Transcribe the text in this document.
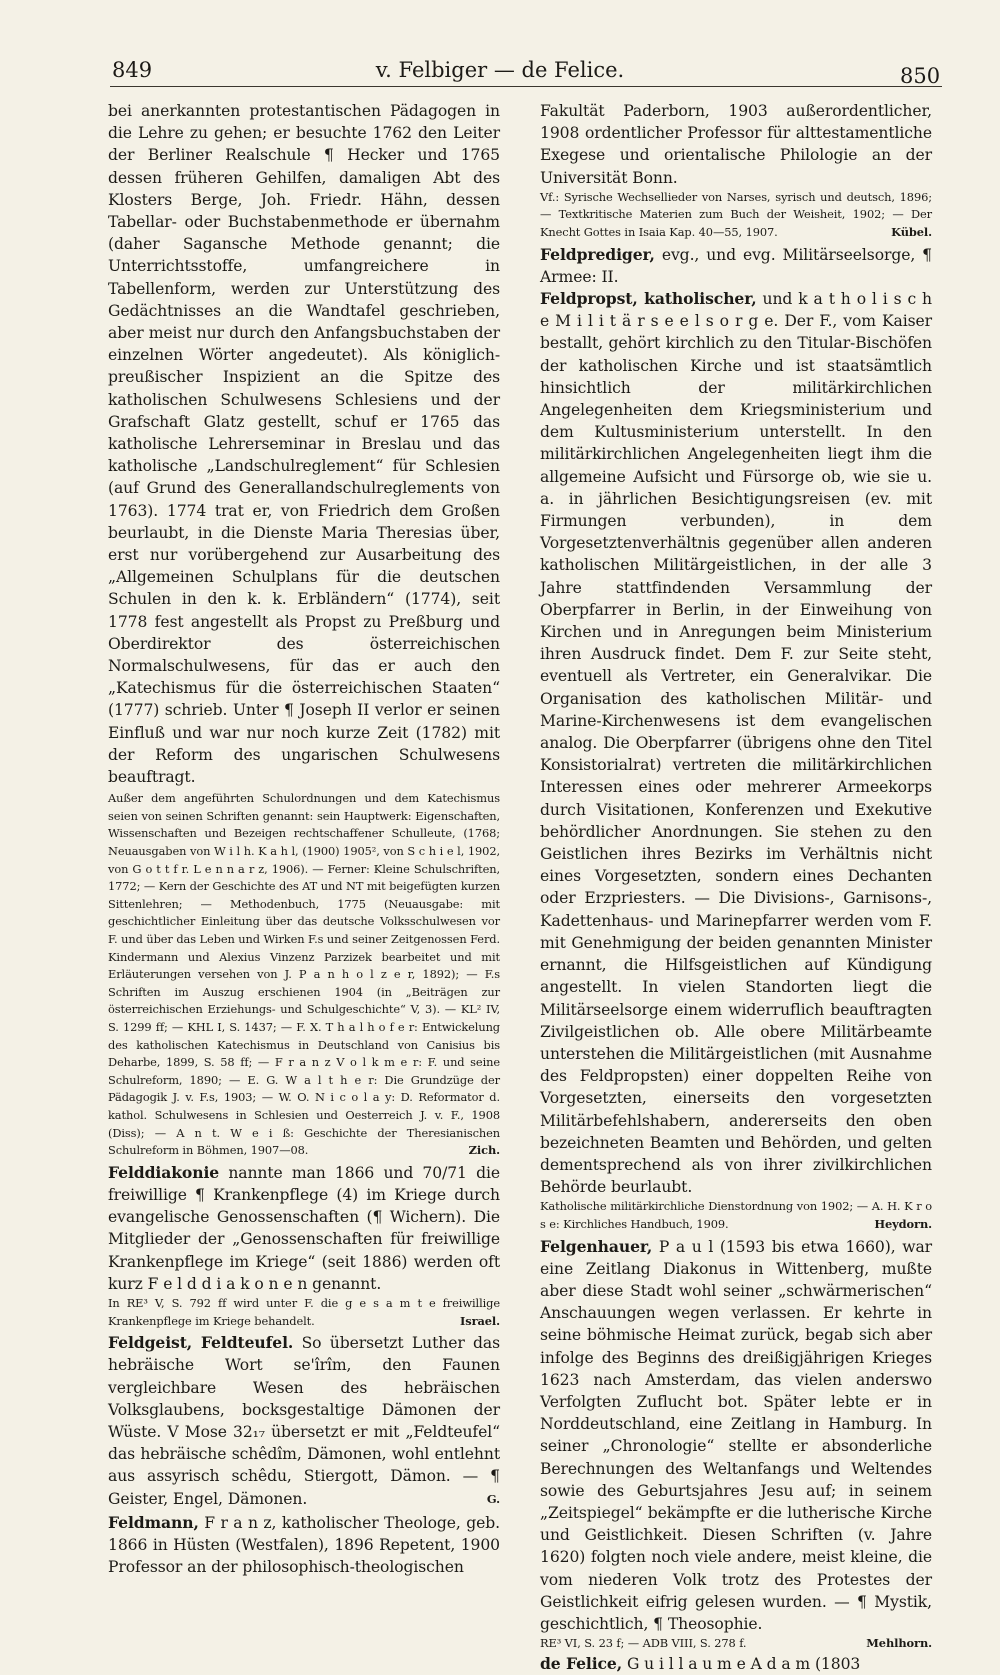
849	v. Felbiger — de Felice.	850

bei anerkannten protestantischen Pädagogen in die Lehre zu gehen; er besuchte 1762 den Leiter der Berliner Realschule ¶ Hecker und 1765 dessen früheren Gehilfen, damaligen Abt des Klosters Berge, Joh. Friedr. Hähn, dessen Tabellar- oder Buchstabenmethode er übernahm (daher Sagansche Methode genannt; die Unterrichtsstoffe, umfangreichere in Tabellenform, werden zur Unterstützung des Gedächtnisses an die Wandtafel geschrieben, aber meist nur durch den Anfangsbuchstaben der einzelnen Wörter angedeutet). Als königlich-preußischer Inspizient an die Spitze des katholischen Schulwesens Schlesiens und der Grafschaft Glatz gestellt, schuf er 1765 das katholische Lehrerseminar in Breslau und das katholische „Landschulreglement“ für Schlesien (auf Grund des Generallandschulreglements von 1763). 1774 trat er, von Friedrich dem Großen beurlaubt, in die Dienste Maria Theresias über, erst nur vorübergehend zur Ausarbeitung des „Allgemeinen Schulplans für die deutschen Schulen in den k. k. Erbländern“ (1774), seit 1778 fest angestellt als Propst zu Preßburg und Oberdirektor des österreichischen Normalschulwesens, für das er auch den „Katechismus für die österreichischen Staaten“ (1777) schrieb. Unter ¶ Joseph II verlor er seinen Einfluß und war nur noch kurze Zeit (1782) mit der Reform des ungarischen Schulwesens beauftragt.

Außer dem angeführten Schulordnungen und dem Katechismus seien von seinen Schriften genannt: sein Hauptwerk: Eigenschaften, Wissenschaften und Bezeigen rechtschaffener Schulleute, (1768; Neuausgaben von W i l h. K a h l, (1900) 1905², von S c h i e l, 1902, von G o t t f r. L e n n a r z, 1906). — Ferner: Kleine Schulschriften, 1772; — Kern der Geschichte des AT und NT mit beigefügten kurzen Sittenlehren; — Methodenbuch, 1775 (Neuausgabe: mit geschichtlicher Einleitung über das deutsche Volksschulwesen vor F. und über das Leben und Wirken F.s und seiner Zeitgenossen Ferd. Kindermann und Alexius Vinzenz Parzizek bearbeitet und mit Erläuterungen versehen von J. P a n h o l z e r, 1892); — F.s Schriften im Auszug erschienen 1904 (in „Beiträgen zur österreichischen Erziehungs- und Schulgeschichte“ V, 3). — KL² IV, S. 1299 ff; — KHL I, S. 1437; — F. X. T h a l h o f e r: Entwickelung des katholischen Katechismus in Deutschland von Canisius bis Deharbe, 1899, S. 58 ff; — F r a n z V o l k m e r: F. und seine Schulreform, 1890; — E. G. W a l t h e r: Die Grundzüge der Pädagogik J. v. F.s, 1903; — W. O. N i c o l a y: D. Reformator d. kathol. Schulwesens in Schlesien und Oesterreich J. v. F., 1908 (Diss); — A n t. W e i ß: Geschichte der Theresianischen Schulreform in Böhmen, 1907—08.	Zich.

Felddiakonie nannte man 1866 und 70/71 die freiwillige ¶ Krankenpflege (4) im Kriege durch evangelische Genossenschaften (¶ Wichern). Die Mitglieder der „Genossenschaften für freiwillige Krankenpflege im Kriege“ (seit 1886) werden oft kurz F e l d d i a k o n e n genannt.

In RE³ V, S. 792 ff wird unter F. die g e s a m t e freiwillige Krankenpflege im Kriege behandelt.	Israel.

Feldgeist, Feldteufel. So übersetzt Luther das hebräische Wort se'îrîm, den Faunen vergleichbare Wesen des hebräischen Volksglaubens, bocksgestaltige Dämonen der Wüste. V Mose 32₁₇ übersetzt er mit „Feldteufel“ das hebräische schêdîm, Dämonen, wohl entlehnt aus assyrisch schêdu, Stiergott, Dämon. — ¶ Geister, Engel, Dämonen.	G.

Feldmann, F r a n z, katholischer Theologe, geb. 1866 in Hüsten (Westfalen), 1896 Repetent, 1900 Professor an der philosophisch-theologischen

Fakultät Paderborn, 1903 außerordentlicher, 1908 ordentlicher Professor für alttestamentliche Exegese und orientalische Philologie an der Universität Bonn.

Vf.: Syrische Wechsellieder von Narses, syrisch und deutsch, 1896; — Textkritische Materien zum Buch der Weisheit, 1902; — Der Knecht Gottes in Isaia Kap. 40—55, 1907.	Kübel.

Feldprediger, evg., und evg. Militärseelsorge, ¶ Armee: II.

Feldpropst, katholischer, und k a t h o l i s c h e M i l i t ä r s e e l s o r g e. Der F., vom Kaiser bestallt, gehört kirchlich zu den Titular-Bischöfen der katholischen Kirche und ist staatsämtlich hinsichtlich der militärkirchlichen Angelegenheiten dem Kriegsministerium und dem Kultusministerium unterstellt. In den militärkirchlichen Angelegenheiten liegt ihm die allgemeine Aufsicht und Fürsorge ob, wie sie u. a. in jährlichen Besichtigungsreisen (ev. mit Firmungen verbunden), in dem Vorgesetztenverhältnis gegenüber allen anderen katholischen Militärgeistlichen, in der alle 3 Jahre stattfindenden Versammlung der Oberpfarrer in Berlin, in der Einweihung von Kirchen und in Anregungen beim Ministerium ihren Ausdruck findet. Dem F. zur Seite steht, eventuell als Vertreter, ein Generalvikar. Die Organisation des katholischen Militär- und Marine-Kirchenwesens ist dem evangelischen analog. Die Oberpfarrer (übrigens ohne den Titel Konsistorialrat) vertreten die militärkirchlichen Interessen eines oder mehrerer Armeekorps durch Visitationen, Konferenzen und Exekutive behördlicher Anordnungen. Sie stehen zu den Geistlichen ihres Bezirks im Verhältnis nicht eines Vorgesetzten, sondern eines Dechanten oder Erzpriesters. — Die Divisions-, Garnisons-, Kadettenhaus- und Marinepfarrer werden vom F. mit Genehmigung der beiden genannten Minister ernannt, die Hilfsgeistlichen auf Kündigung angestellt. In vielen Standorten liegt die Militärseelsorge einem widerruflich beauftragten Zivilgeistlichen ob. Alle obere Militärbeamte unterstehen die Militärgeistlichen (mit Ausnahme des Feldpropsten) einer doppelten Reihe von Vorgesetzten, einerseits den vorgesetzten Militärbefehlshabern, andererseits den oben bezeichneten Beamten und Behörden, und gelten dementsprechend als von ihrer zivilkirchlichen Behörde beurlaubt.

Katholische militärkirchliche Dienstordnung von 1902; — A. H. K r o s e: Kirchliches Handbuch, 1909.	Heydorn.

Felgenhauer, P a u l (1593 bis etwa 1660), war eine Zeitlang Diakonus in Wittenberg, mußte aber diese Stadt wohl seiner „schwärmerischen“ Anschauungen wegen verlassen. Er kehrte in seine böhmische Heimat zurück, begab sich aber infolge des Beginns des dreißigjährigen Krieges 1623 nach Amsterdam, das vielen anderswo Verfolgten Zuflucht bot. Später lebte er in Norddeutschland, eine Zeitlang in Hamburg. In seiner „Chronologie“ stellte er absonderliche Berechnungen des Weltanfangs und Weltendes sowie des Geburtsjahres Jesu auf; in seinem „Zeitspiegel“ bekämpfte er die lutherische Kirche und Geistlichkeit. Diesen Schriften (v. Jahre 1620) folgten noch viele andere, meist kleine, die vom niederen Volk trotz des Protestes der Geistlichkeit eifrig gelesen wurden. — ¶ Mystik, geschichtlich, ¶ Theosophie.

RE³ VI, S. 23 f; — ADB VIII, S. 278 f.	Mehlhorn.

de Felice, G u i l l a u m e A d a m (1803
